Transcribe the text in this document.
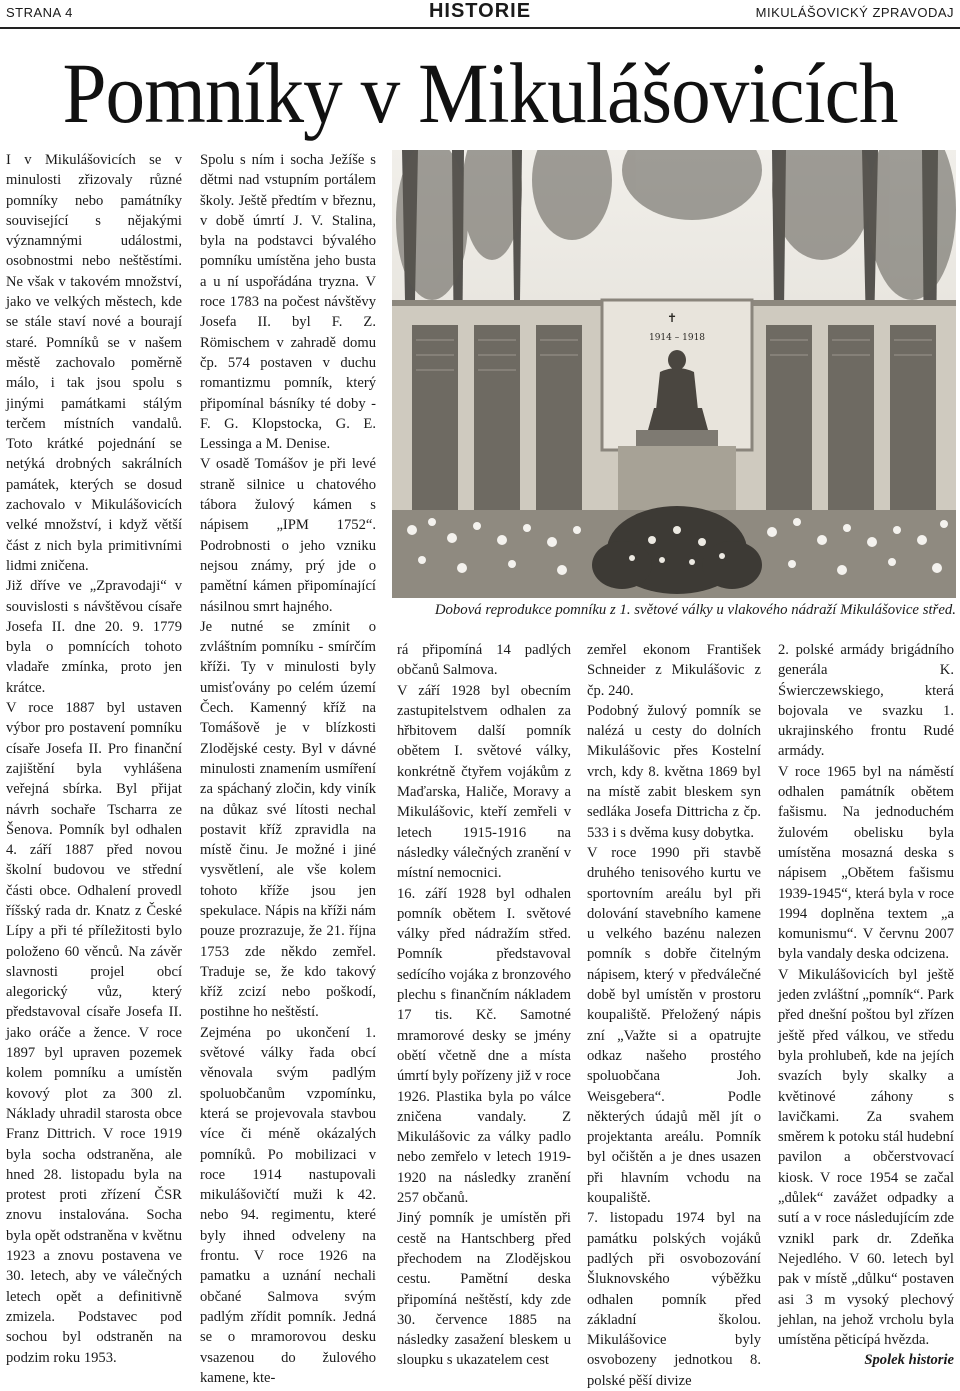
STRANA 4	HISTORIE	MIKULÁŠOVICKÝ ZPRAVODAJ
Pomníky v Mikulášovicích

I v Mikulášovicích se v minulosti zřizovaly různé pomníky nebo památníky související s nějakými významnými událostmi, osobnostmi nebo neštěstími. Ne však v takovém množství, jako ve velkých městech, kde se stále staví nové a bourají staré. Pomníků se v našem městě zachovalo poměrně málo, i tak jsou spolu s jinými památkami stálým terčem místních vandalů. Toto krátké pojednání se netýká drobných sakrálních památek, kterých se dosud zachovalo v Mikulášovicích velké množství, i když větší část z nich byla primitivními lidmi zničena.

Již dříve ve „Zpravodaji“ v souvislosti s návštěvou císaře Josefa II. dne 20. 9. 1779 byla o pomnících tohoto vladaře zmínka, proto jen krátce.

V roce 1887 byl ustaven výbor pro postavení pomníku císaře Josefa II. Pro finanční zajištění byla vyhlášena veřejná sbírka. Byl přijat návrh sochaře Tscharra ze Šenova. Pomník byl odhalen 4. září 1887 před novou školní budovou ve střední části obce. Odhalení provedl říšský rada dr. Knatz z České Lípy a při té příležitosti bylo položeno 60 věnců. Na závěr slavnosti projel obcí alegorický vůz, který představoval císaře Josefa II. jako oráče a žence. V roce 1897 byl upraven pozemek kolem pomníku a umístěn kovový plot za 300 zl. Náklady uhradil starosta obce Franz Dittrich. V roce 1919 byla socha odstraněna, ale hned 28. listopadu byla na protest proti zřízení ČSR znovu instalována. Socha byla opět odstraněna v květnu 1923 a znovu postavena ve 30. letech, aby ve válečných letech opět a definitivně zmizela. Podstavec pod sochou byl odstraněn na podzim roku 1953.

Spolu s ním i socha Ježíše s dětmi nad vstupním portálem školy. Ještě předtím v březnu, v době úmrtí J. V. Stalina, byla na podstavci bývalého pomníku umístěna jeho busta a u ní uspořádána tryzna. V roce 1783 na počest návštěvy Josefa II. byl F. Z. Römischem v zahradě domu čp. 574 postaven v duchu romantizmu pomník, který připomínal básníky té doby - F. G. Klopstocka, G. E. Lessinga a M. Denise.

V osadě Tomášov je při levé straně silnice u chatového tábora žulový kámen s nápisem „IPM 1752“. Podrobnosti o jeho vzniku nejsou známy, prý jde o pamětní kámen připomínající násilnou smrt hajného.

Je nutné se zmínit o zvláštním pomníku - smírčím kříži. Ty v minulosti byly umisťovány po celém území Čech. Kamenný kříž na Tomášově je v blízkosti Zlodějské cesty. Byl v dávné minulosti znamením usmíření za spáchaný zločin, kdy viník na důkaz své lítosti nechal postavit kříž zpravidla na místě činu. Je možné i jiné vysvětlení, ale vše kolem tohoto kříže jsou jen spekulace. Nápis na kříži nám pouze prozrazuje, že 21. října 1753 zde někdo zemřel. Traduje se, že kdo takový kříž zcizí nebo poškodí, postihne ho neštěstí.

Zejména po ukončení 1. světové války řada obcí věnovala svým padlým spoluobčanům vzpomínku, která se projevovala stavbou více či méně okázalých pomníků. Po mobilizaci v roce 1914 nastupovali mikulášovičtí muži k 42. nebo 94. regimentu, které byly ihned odveleny na frontu. V roce 1926 na pamatku a uznání nechali občané Salmova svým padlým zřídit pomník. Jedná se o mramorovou desku vsazenou do žulového kamene, kte-

✝
1914 – 1918
Dobová reprodukce pomníku z 1. světové války u vlakového nádraží Mikulášovice střed.

rá připomíná 14 padlých občanů Salmova.

V září 1928 byl obecním zastupitelstvem odhalen za hřbitovem další pomník obětem I. světové války, konkrétně čtyřem vojákům z Maďarska, Haliče, Moravy a Mikulášovic, kteří zemřeli v letech 1915-1916 na následky válečných zranění v místní nemocnici.

16. září 1928 byl odhalen pomník obětem I. světové války před nádražím střed. Pomník představoval sedícího vojáka z bronzového plechu s finančním nákladem 17 tis. Kč. Samotné mramorové desky se jmény obětí včetně dne a místa úmrtí byly pořízeny již v roce 1926. Plastika byla po válce zničena vandaly. Z Mikulášovic za války padlo nebo zemřelo v letech 1919-1920 na následky zranění 257 občanů.

Jiný pomník je umístěn při cestě na Hantschberg před přechodem na Zlodějskou cestu. Pamětní deska připomíná neštěstí, kdy zde 30. července 1885 na následky zasažení bleskem u sloupku s ukazatelem cest

zemřel ekonom František Schneider z Mikulášovic z čp. 240.

Podobný žulový pomník se nalézá u cesty do dolních Mikulášovic přes Kostelní vrch, kdy 8. května 1869 byl na místě zabit bleskem syn sedláka Josefa Dittricha z čp. 533 i s dvěma kusy dobytka.

V roce 1990 při stavbě druhého tenisového kurtu ve sportovním areálu byl při dolování stavebního kamene u velkého bazénu nalezen pomník s dobře čitelným nápisem, který v předválečné době byl umístěn v prostoru koupaliště. Přeložený nápis zní „Važte si a opatrujte odkaz našeho prostého spoluobčana Joh. Weisgebera“. Podle některých údajů měl jít o projektanta areálu. Pomník byl očištěn a je dnes usazen při hlavním vchodu na koupaliště.

7. listopadu 1974 byl na památku polských vojáků padlých při osvobozování Šluknovského výběžku odhalen pomník před základní školou. Mikulášovice byly osvobozeny jednotkou 8. polské pěší divize

2. polské armády brigádního generála K. Świerczewskiego, která bojovala ve svazku 1. ukrajinského frontu Rudé armády.

V roce 1965 byl na náměstí odhalen památník obětem fašismu. Na jednoduchém žulovém obelisku byla umístěna mosazná deska s nápisem „Obětem fašismu 1939-1945“, která byla v roce 1994 doplněna textem „a komunismu“. V červnu 2007 byla vandaly deska odcizena.

V Mikulášovicích byl ještě jeden zvláštní „pomník“. Park před dnešní poštou byl zřízen ještě před válkou, ve středu byla prohlubeň, kde na jejích svazích byly skalky a květinové záhony s lavičkami. Za svahem směrem k potoku stál hudební pavilon a občerstvovací kiosk. V roce 1954 se začal „důlek“ zavážet odpadky a sutí a v roce následujícím zde vznikl park dr. Zdeňka Nejedlého. V 60. letech byl pak v místě „důlku“ postaven asi 3 m vysoký plechový jehlan, na jehož vrcholu byla umístěna pěticípá hvězda.

Spolek historie
